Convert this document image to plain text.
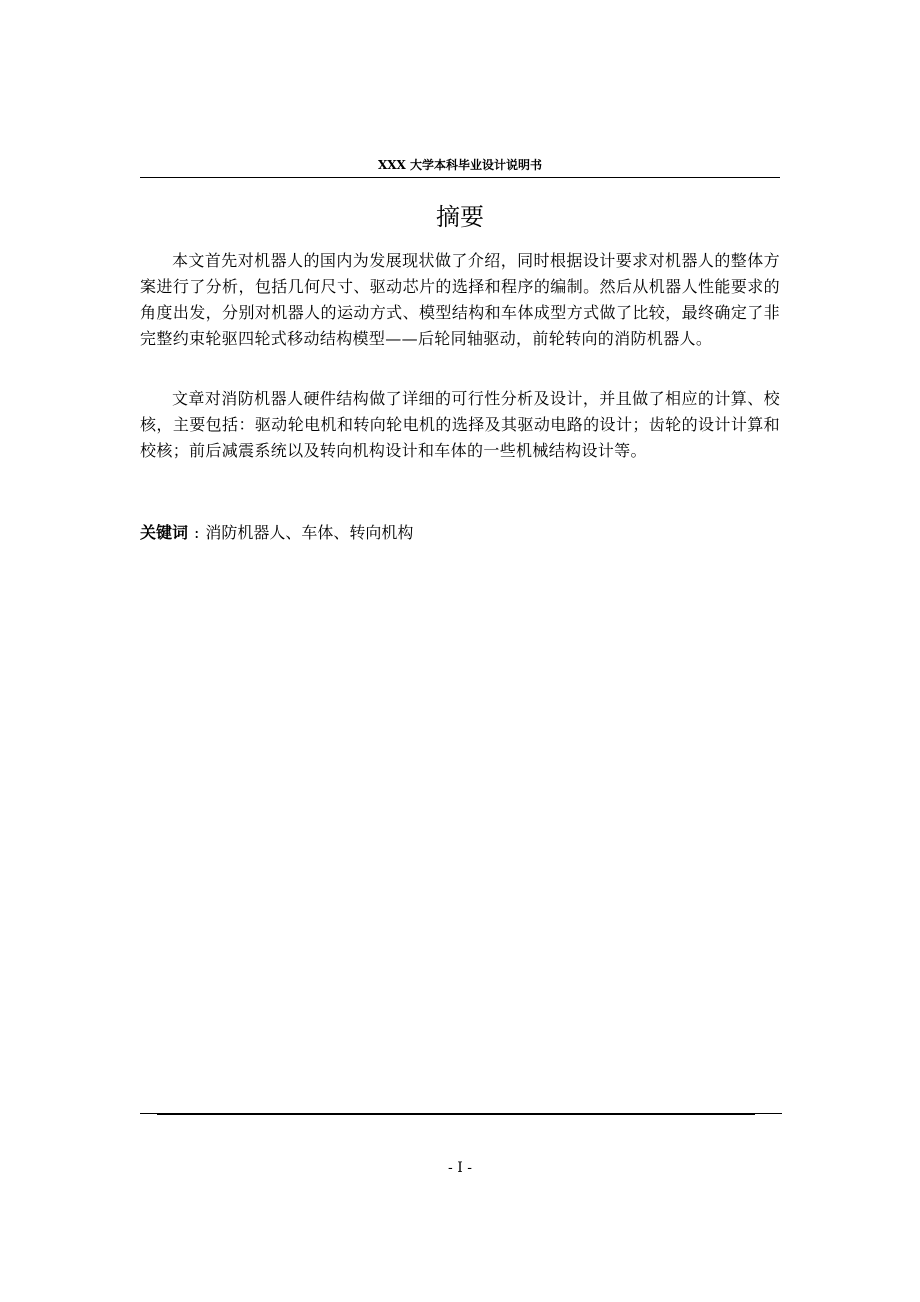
XXX 大学本科毕业设计说明书
摘要

本文首先对机器人的国内为发展现状做了介绍，同时根据设计要求对机器人的整体方案进行了分析，包括几何尺寸、驱动芯片的选择和程序的编制。然后从机器人性能要求的角度出发，分别对机器人的运动方式、模型结构和车体成型方式做了比较，最终确定了非完整约束轮驱四轮式移动结构模型——后轮同轴驱动，前轮转向的消防机器人。

文章对消防机器人硬件结构做了详细的可行性分析及设计，并且做了相应的计算、校核，主要包括：驱动轮电机和转向轮电机的选择及其驱动电路的设计；齿轮的设计计算和校核；前后减震系统以及转向机构设计和车体的一些机械结构设计等。

关键词 : 消防机器人、车体、转向机构
- I -
